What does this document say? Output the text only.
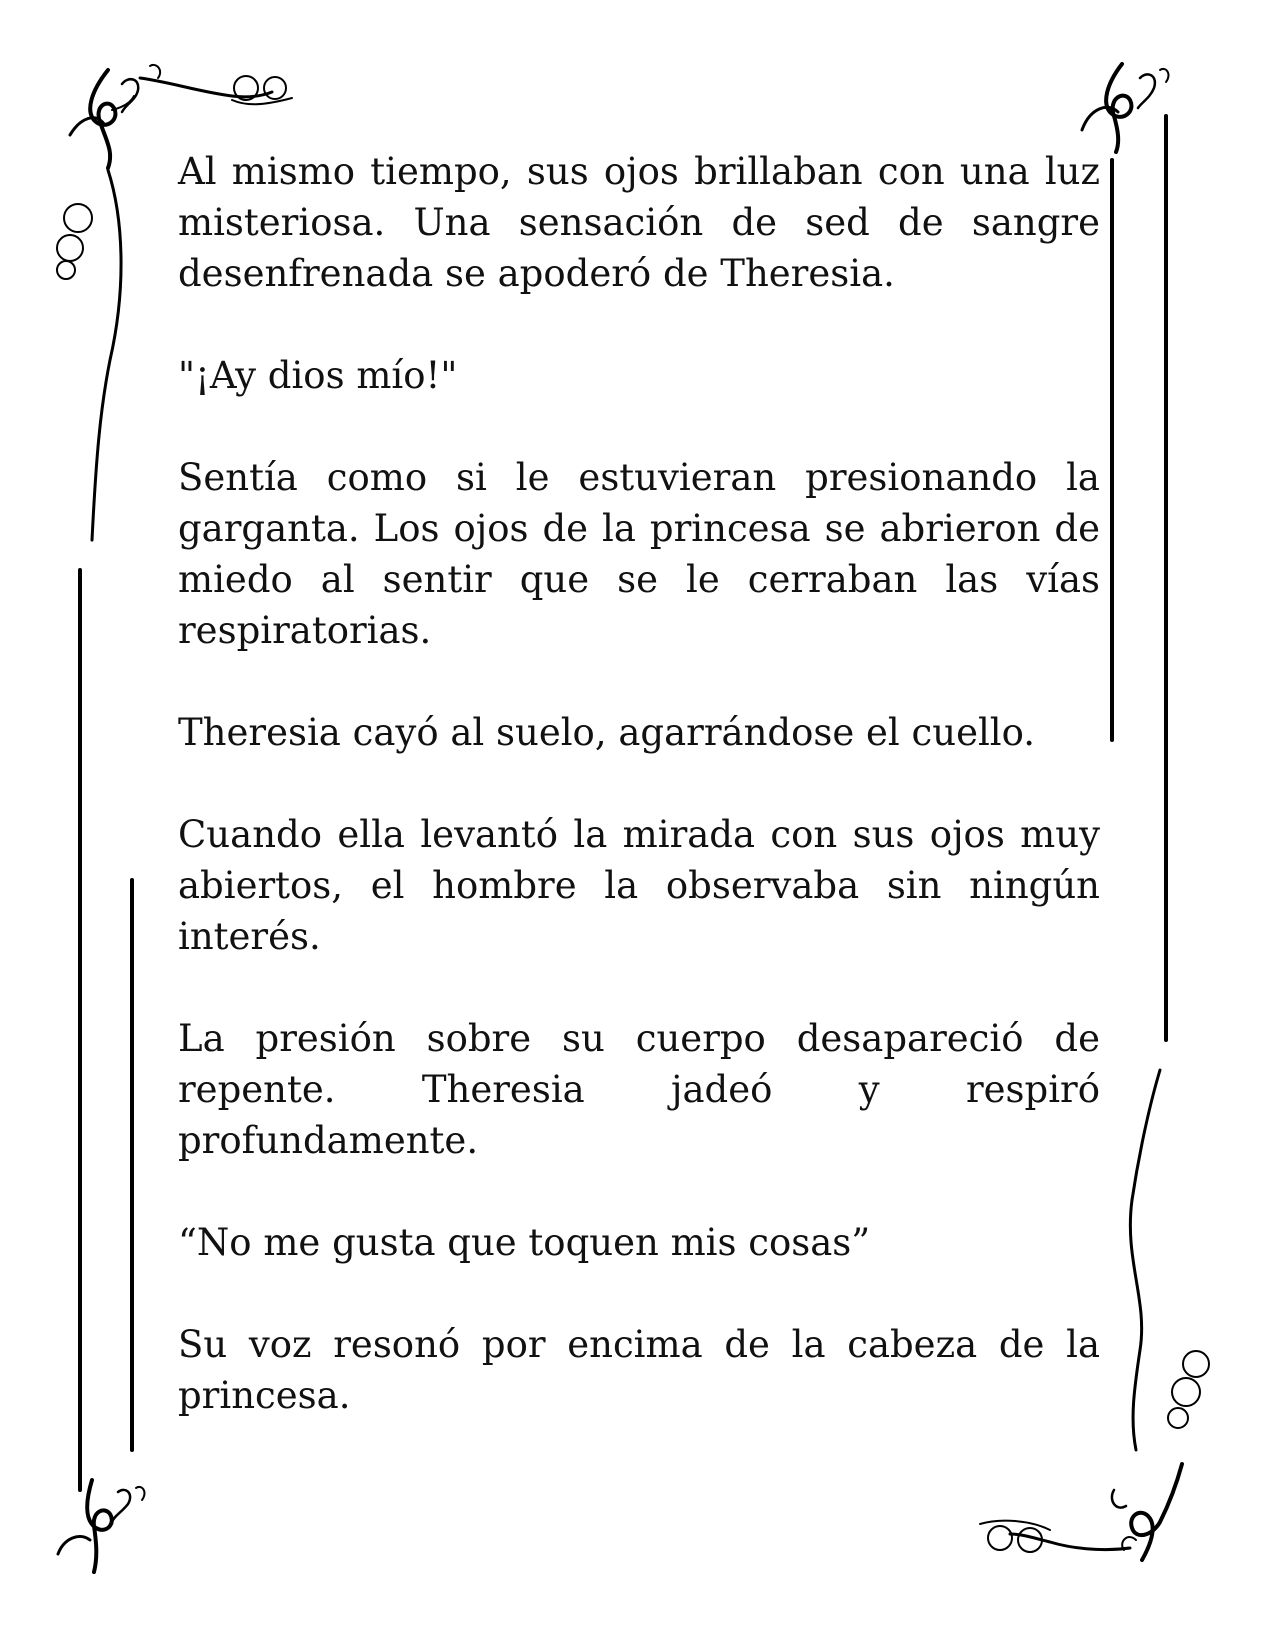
Al mismo tiempo, sus ojos brillaban con una luz misteriosa. Una sensación de sed de sangre desenfrenada se apoderó de Theresia.

"¡Ay dios mío!"

Sentía como si le estuvieran presionando la garganta. Los ojos de la princesa se abrieron de miedo al sentir que se le cerraban las vías respiratorias.

Theresia cayó al suelo, agarrándose el cuello.

Cuando ella levantó la mirada con sus ojos muy abiertos, el hombre la observaba sin ningún interés.

La presión sobre su cuerpo desapareció de repente. Theresia jadeó y respiró profundamente.

“No me gusta que toquen mis cosas”

Su voz resonó por encima de la cabeza de la princesa.
